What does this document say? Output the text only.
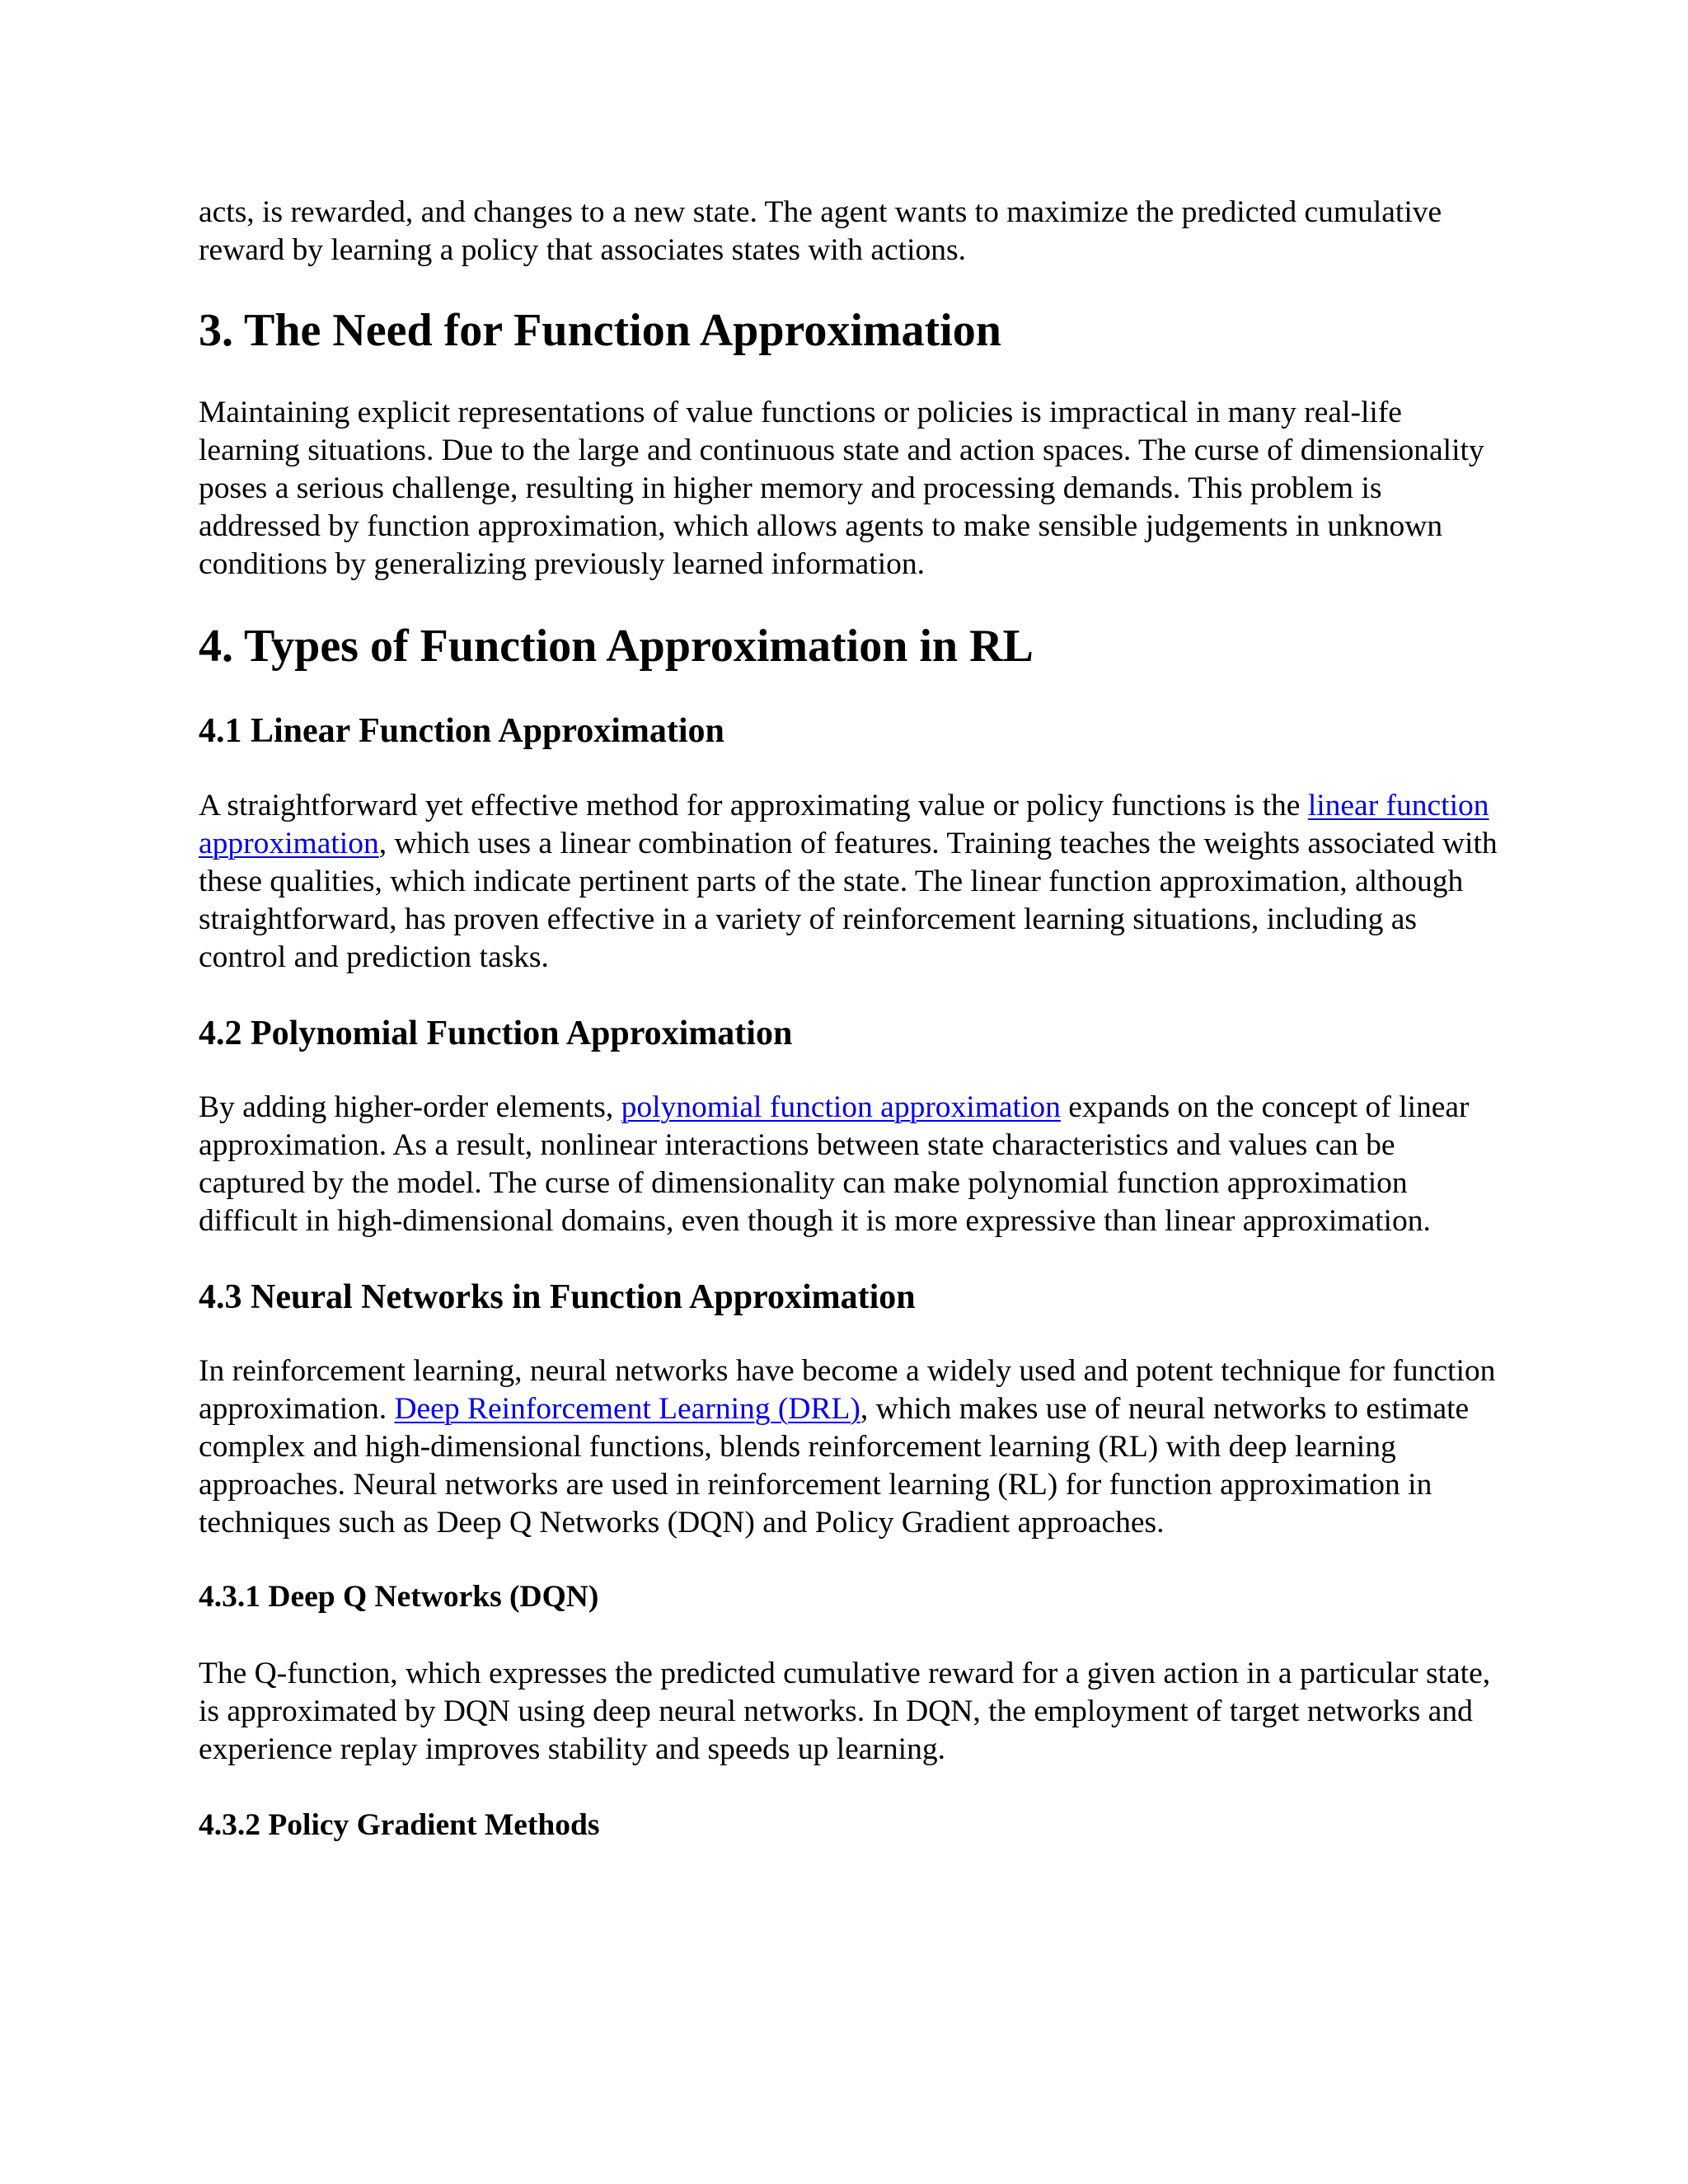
acts, is rewarded, and changes to a new state. The agent wants to maximize the predicted cumulative reward by learning a policy that associates states with actions.

3. The Need for Function Approximation

Maintaining explicit representations of value functions or policies is impractical in many real-life learning situations. Due to the large and continuous state and action spaces. The curse of dimensionality poses a serious challenge, resulting in higher memory and processing demands. This problem is addressed by function approximation, which allows agents to make sensible judgements in unknown conditions by generalizing previously learned information.

4. Types of Function Approximation in RL
4.1 Linear Function Approximation

A straightforward yet effective method for approximating value or policy functions is the linear function approximation, which uses a linear combination of features. Training teaches the weights associated with these qualities, which indicate pertinent parts of the state. The linear function approximation, although straightforward, has proven effective in a variety of reinforcement learning situations, including as control and prediction tasks.

4.2 Polynomial Function Approximation

By adding higher-order elements, polynomial function approximation expands on the concept of linear approximation. As a result, nonlinear interactions between state characteristics and values can be captured by the model. The curse of dimensionality can make polynomial function approximation difficult in high-dimensional domains, even though it is more expressive than linear approximation.

4.3 Neural Networks in Function Approximation

In reinforcement learning, neural networks have become a widely used and potent technique for function approximation. Deep Reinforcement Learning (DRL), which makes use of neural networks to estimate complex and high-dimensional functions, blends reinforcement learning (RL) with deep learning approaches. Neural networks are used in reinforcement learning (RL) for function approximation in techniques such as Deep Q Networks (DQN) and Policy Gradient approaches.

4.3.1 Deep Q Networks (DQN)

The Q-function, which expresses the predicted cumulative reward for a given action in a particular state, is approximated by DQN using deep neural networks. In DQN, the employment of target networks and experience replay improves stability and speeds up learning.

4.3.2 Policy Gradient Methods
